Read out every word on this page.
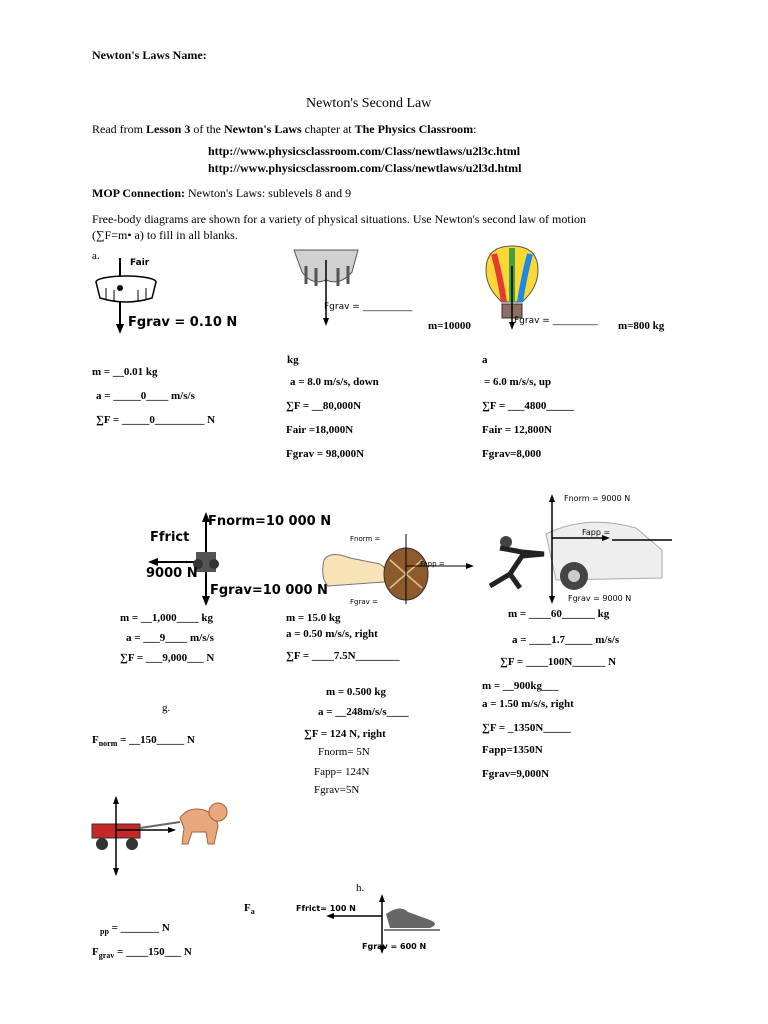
Newton's Laws Name:
Newton's Second Law
Read from Lesson 3 of the Newton's Laws chapter at The Physics Classroom:
http://www.physicsclassroom.com/Class/newtlaws/u2l3c.html
http://www.physicsclassroom.com/Class/newtlaws/u2l3d.html
MOP Connection: Newton's Laws: sublevels 8 and 9
Free-body diagrams are shown for a variety of physical situations. Use Newton's second law of motion
(∑F=m• a) to fill in all blanks.
a.
Fair
Fgrav = 0.10 N
m = __0.01 kg
a = _____0____ m/s/s
∑F = _____0_________ N
Fgrav = ___________
m=10000
kg
a = 8.0 m/s/s, down
∑F = __80,000N
Fair =18,000N
Fgrav = 98,000N
Fgrav = __________ m=800 kg
a
= 6.0 m/s/s, up
∑F = ___4800_____
Fair = 12,800N
Fgrav=8,000
Fnorm=10 000 N
Ffrict
9000 N
Fgrav=10 000 N
m = __1,000____ kg
a = ___9____ m/s/s
∑F = ___9,000___ N
Fnorm =
Fapp =
Fgrav =
m = 15.0 kg
a = 0.50 m/s/s, right
∑F = ____7.5N________
Fnorm = 9000 N
Fapp =
Fgrav = 9000 N
m = ____60______ kg
a = ____1.7_____ m/s/s
∑F = ____100N______ N
g.
$F_{norm}$ = __150_____ N
m = 0.500 kg
a = __248m/s/s____
∑F = 124 N, right
Fnorm= 5N
Fapp= 124N
Fgrav=5N
m = __900kg___
a = 1.50 m/s/s, right
∑F = _1350N_____
Fapp=1350N
Fgrav=9,000N
$F_a$
$_{pp}$ = _______ N
$F_{grav}$ = ____150___ N
h.
Ffrict= 100 N
Fgrav = 600 N
